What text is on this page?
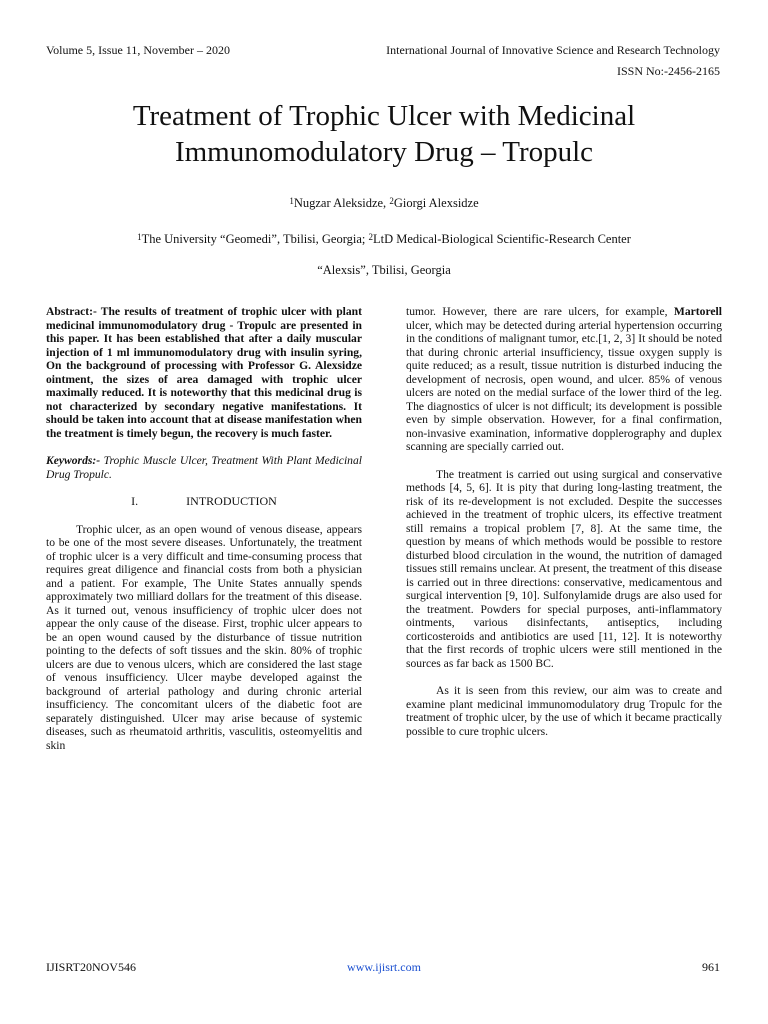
Volume 5, Issue 11, November – 2020	International Journal of Innovative Science and Research Technology
ISSN No:-2456-2165
Treatment of Trophic Ulcer with Medicinal
Immunomodulatory Drug – Tropulc
$^1$Nugzar Aleksidze, $^2$Giorgi Alexsidze
$^1$The University “Geomedi”, Tbilisi, Georgia; $^2$LtD Medical-Biological Scientific-Research Center
“Alexsis”, Tbilisi, Georgia

Abstract:- The results of treatment of trophic ulcer with plant medicinal immunomodulatory drug - Tropulc are presented in this paper. It has been established that after a daily muscular injection of 1 ml immunomodulatory drug with insulin syring, On the background of processing with Professor G. Alexsidze ointment, the sizes of area damaged with trophic ulcer maximally reduced. It is noteworthy that this medicinal drug is not characterized by secondary negative manifestations. It should be taken into account that at disease manifestation when the treatment is timely begun, the recovery is much faster.

Keywords:- Trophic Muscle Ulcer, Treatment With Plant Medicinal Drug Tropulc.

I.	INTRODUCTION

Trophic ulcer, as an open wound of venous disease, appears to be one of the most severe diseases. Unfortunately, the treatment of trophic ulcer is a very difficult and time-consuming process that requires great diligence and financial costs from both a physician and a patient. For example, The Unite States annually spends approximately two milliard dollars for the treatment of this disease. As it turned out, venous insufficiency of trophic ulcer does not appear the only cause of the disease. First, trophic ulcer appears to be an open wound caused by the disturbance of tissue nutrition pointing to the defects of soft tissues and the skin. 80% of trophic ulcers are due to venous ulcers, which are considered the last stage of venous insufficiency. Ulcer maybe developed against the background of arterial pathology and during chronic arterial insufficiency. The concomitant ulcers of the diabetic foot are separately distinguished. Ulcer may arise because of systemic diseases, such as rheumatoid arthritis, vasculitis, osteomyelitis and skin

tumor. However, there are rare ulcers, for example, Martorell ulcer, which may be detected during arterial hypertension occurring in the conditions of malignant tumor, etc.[1, 2, 3] It should be noted that during chronic arterial insufficiency, tissue oxygen supply is quite reduced; as a result, tissue nutrition is disturbed inducing the development of necrosis, open wound, and ulcer. 85% of venous ulcers are noted on the medial surface of the lower third of the leg. The diagnostics of ulcer is not difficult; its development is possible even by simple observation. However, for a final confirmation, non-invasive examination, informative dopplerography and duplex scanning are specially carried out.

The treatment is carried out using surgical and conservative methods [4, 5, 6]. It is pity that during long-lasting treatment, the risk of its re-development is not excluded. Despite the successes achieved in the treatment of trophic ulcers, its effective treatment still remains a tropical problem [7, 8]. At the same time, the question by means of which methods would be possible to restore disturbed blood circulation in the wound, the nutrition of damaged tissues still remains unclear. At present, the treatment of this disease is carried out in three directions: conservative, medicamentous and surgical intervention [9, 10]. Sulfonylamide drugs are also used for the treatment. Powders for special purposes, anti-inflammatory ointments, various disinfectants, antiseptics, including corticosteroids and antibiotics are used [11, 12]. It is noteworthy that the first records of trophic ulcers were still mentioned in the sources as far back as 1500 BC.

As it is seen from this review, our aim was to create and examine plant medicinal immunomodulatory drug Tropulc for the treatment of trophic ulcer, by the use of which it became practically possible to cure trophic ulcers.

IJISRT20NOV546	www.ijisrt.com	961
